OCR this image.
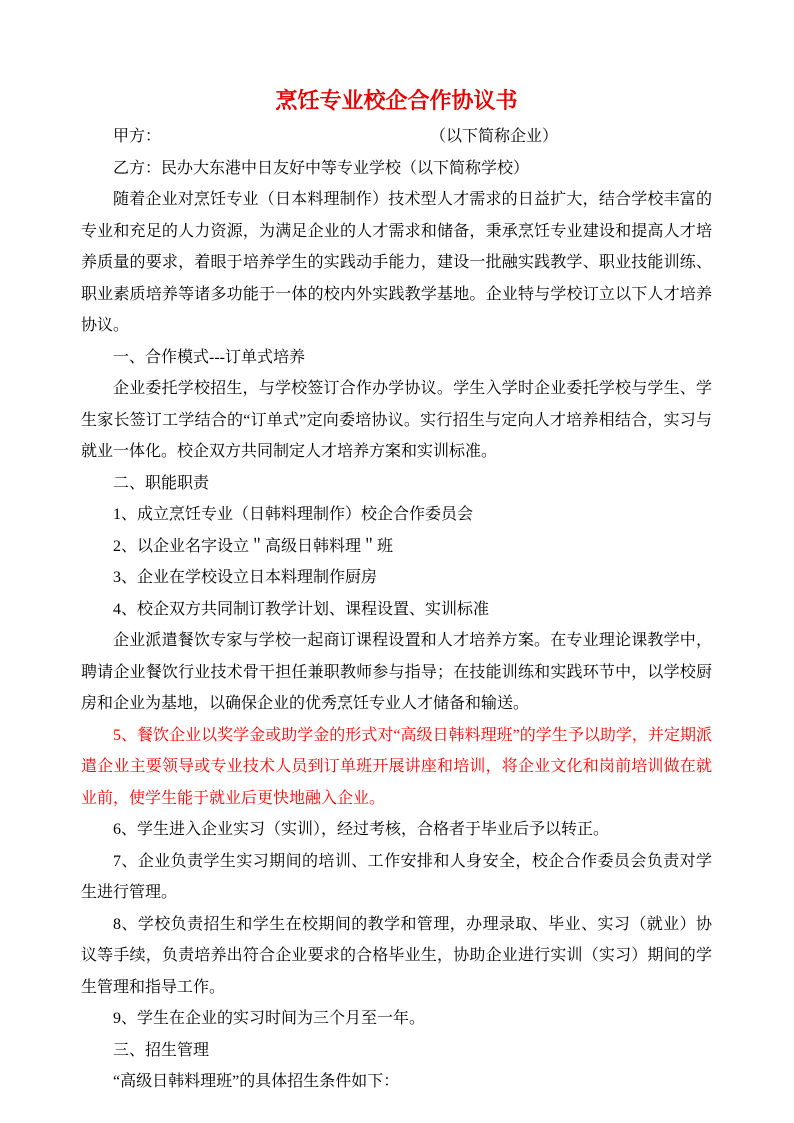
烹饪专业校企合作协议书

甲方：	（以下简称企业）

乙方：民办大东港中日友好中等专业学校（以下简称学校）

随着企业对烹饪专业（日本料理制作）技术型人才需求的日益扩大，结合学校丰富的专业和充足的人力资源，为满足企业的人才需求和储备，秉承烹饪专业建设和提高人才培养质量的要求，着眼于培养学生的实践动手能力，建设一批融实践教学、职业技能训练、职业素质培养等诸多功能于一体的校内外实践教学基地。企业特与学校订立以下人才培养协议。

一、合作模式---订单式培养

企业委托学校招生，与学校签订合作办学协议。学生入学时企业委托学校与学生、学生家长签订工学结合的“订单式”定向委培协议。实行招生与定向人才培养相结合，实习与就业一体化。校企双方共同制定人才培养方案和实训标准。

二、职能职责

1、成立烹饪专业（日韩料理制作）校企合作委员会

2、以企业名字设立＂高级日韩料理＂班

3、企业在学校设立日本料理制作厨房

4、校企双方共同制订教学计划、课程设置、实训标准

企业派遣餐饮专家与学校一起商订课程设置和人才培养方案。在专业理论课教学中，聘请企业餐饮行业技术骨干担任兼职教师参与指导；在技能训练和实践环节中，以学校厨房和企业为基地，以确保企业的优秀烹饪专业人才储备和输送。

5、餐饮企业以奖学金或助学金的形式对“高级日韩料理班”的学生予以助学，并定期派遣企业主要领导或专业技术人员到订单班开展讲座和培训，将企业文化和岗前培训做在就业前，使学生能于就业后更快地融入企业。

6、学生进入企业实习（实训），经过考核，合格者于毕业后予以转正。

7、企业负责学生实习期间的培训、工作安排和人身安全，校企合作委员会负责对学生进行管理。

8、学校负责招生和学生在校期间的教学和管理，办理录取、毕业、实习（就业）协议等手续，负责培养出符合企业要求的合格毕业生，协助企业进行实训（实习）期间的学生管理和指导工作。

9、学生在企业的实习时间为三个月至一年。

三、招生管理

“高级日韩料理班”的具体招生条件如下：
